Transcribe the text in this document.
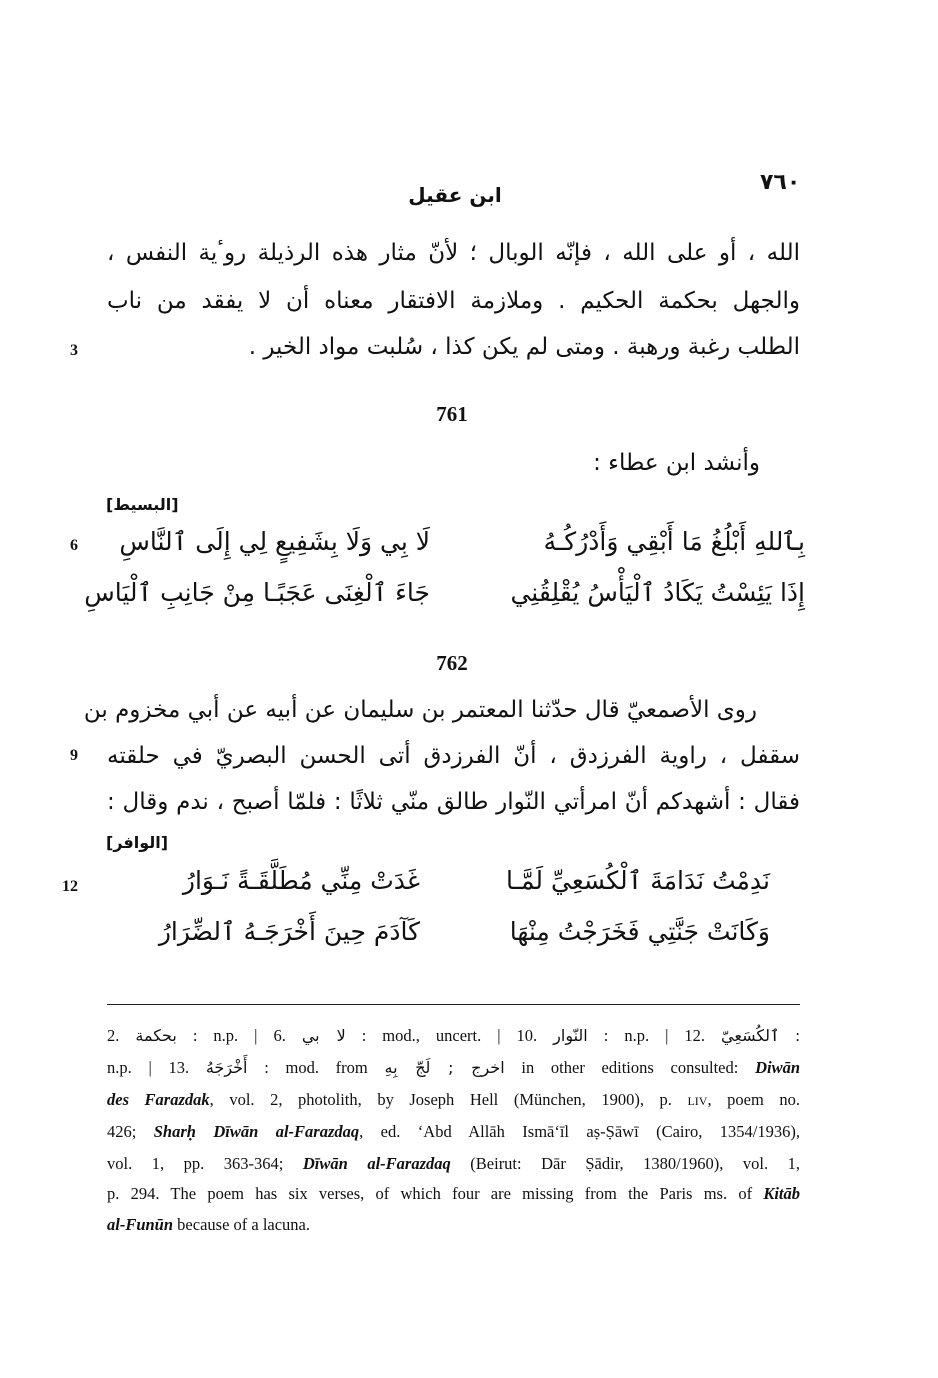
٧٦٠
ابن عقيل
الله ، أو على الله ، فإنّه الوبال ؛ لأنّ مثار هذه الرذيلة روٴية النفس ،
والجهل بحكمة الحكيم . وملازمة الافتقار معناه أن لا يفقد من ناب
الطلب رغبة ورهبة . ومتى لم يكن كذا ، سُلبت مواد الخير .
3
761
وأنشد ابن عطاء :
[البسيط]
6	بِٱللهِ أَبْلُغُ مَا أَبْقِي وَأَدْرُكُـهُ
لَا بِي وَلَا بِشَفِيعٍ لِي إِلَى ٱلنَّاسِ
إِذَا يَئِسْتُ يَكَادُ ٱلْيَأْسُ يُقْلِقُنِي
جَاءَ ٱلْغِنَى عَجَبًـا مِنْ جَانِبِ ٱلْيَاسِ
762
روى الأصمعيّ قال حدّثنا المعتمر بن سليمان عن أبيه عن أبي مخزوم بن
سقفل ، راوية الفرزدق ، أنّ الفرزدق أتى الحسن البصريّ في حلقته
فقال : أشهدكم أنّ امرأتي النّوار طالق منّي ثلاثًا : فلمّا أصبح ، ندم وقال :
9
[الوافر]
12	نَدِمْتُ نَدَامَةَ ٱلْكُسَعِيِّ لَمَّـا
غَدَتْ مِنِّي مُطَلَّقَـةً نَـوَارُ
وَكَانَتْ جَنَّتِي فَخَرَجْتُ مِنْهَا
كَآدَمَ حِينَ أَخْرَجَـهُ ٱلضِّرَارُ
2. بحكمة : n.p. | 6. لا بي : mod., uncert. | 10. النّوار : n.p. | 12. ٱلكُسَعِيّ :
n.p. | 13. أَخْرَجَهُ : mod. from اخرج ; لَجّ بِهِ in other editions consulted: Diwān
des Farazdak, vol. 2, photolith, by Joseph Hell (München, 1900), p. liv, poem no.
426; Sharḥ Dīwān al-Farazdaq, ed. ‘Abd Allāh Ismā‘īl aṣ-Ṣāwī (Cairo, 1354/1936),
vol. 1, pp. 363-364; Dīwān al-Farazdaq (Beirut: Dār Ṣādir, 1380/1960), vol. 1,
p. 294. The poem has six verses, of which four are missing from the Paris ms. of Kitāb
al-Funūn because of a lacuna.
